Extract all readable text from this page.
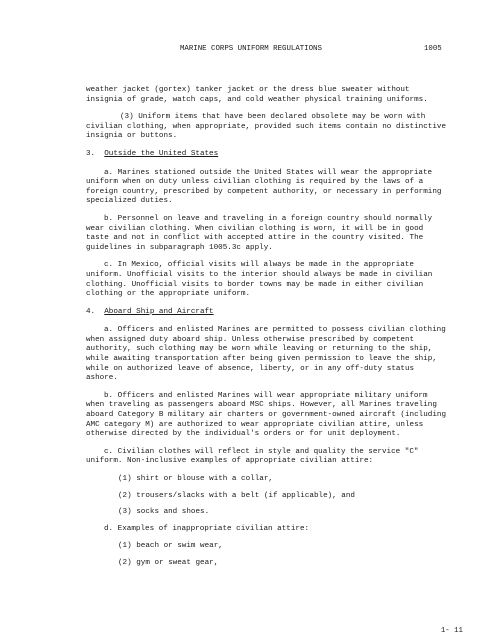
MARINE CORPS UNIFORM REGULATIONS	1005

weather jacket (gortex) tanker jacket or the dress blue sweater without insignia of grade, watch caps, and cold weather physical training uniforms.

(3) Uniform items that have been declared obsolete may be worn with civilian clothing, when appropriate, provided such items contain no distinctive insignia or buttons.

3. Outside the United States

a. Marines stationed outside the United States will wear the appropriate uniform when on duty unless civilian clothing is required by the laws of a foreign country, prescribed by competent authority, or necessary in performing specialized duties.

b. Personnel on leave and traveling in a foreign country should normally wear civilian clothing. When civilian clothing is worn, it will be in good taste and not in conflict with accepted attire in the country visited. The guidelines in subparagraph 1005.3c apply.

c. In Mexico, official visits will always be made in the appropriate uniform. Unofficial visits to the interior should always be made in civilian clothing. Unofficial visits to border towns may be made in either civilian clothing or the appropriate uniform.

4. Aboard Ship and Aircraft

a. Officers and enlisted Marines are permitted to possess civilian clothing when assigned duty aboard ship. Unless otherwise prescribed by competent authority, such clothing may be worn while leaving or returning to the ship, while awaiting transportation after being given permission to leave the ship, while on authorized leave of absence, liberty, or in any off-duty status ashore.

b. Officers and enlisted Marines will wear appropriate military uniform when traveling as passengers aboard MSC ships. However, all Marines traveling aboard Category B military air charters or government-owned aircraft (including AMC category M) are authorized to wear appropriate civilian attire, unless otherwise directed by the individual's orders or for unit deployment.

c. Civilian clothes will reflect in style and quality the service "C" uniform. Non-inclusive examples of appropriate civilian attire:

(1) shirt or blouse with a collar,

(2) trousers/slacks with a belt (if applicable), and

(3) socks and shoes.

d. Examples of inappropriate civilian attire:

(1) beach or swim wear,

(2) gym or sweat gear,

1- 11
